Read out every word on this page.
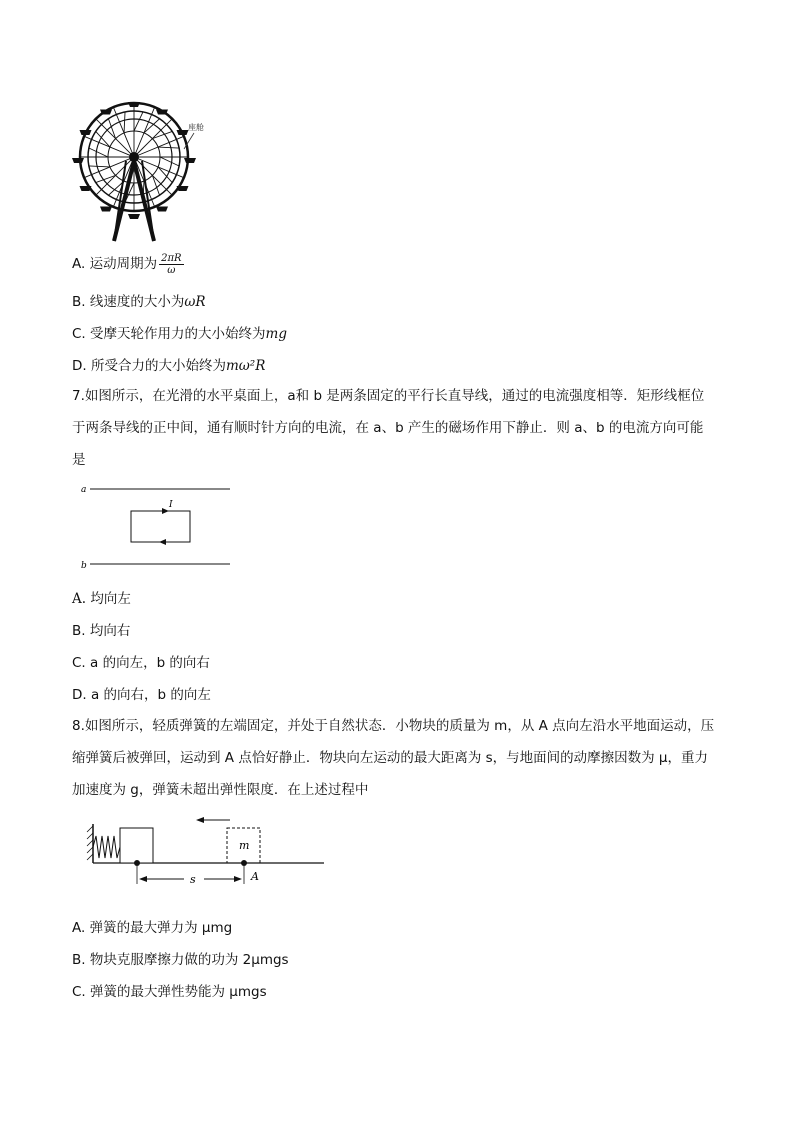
座舱
A. 运动周期为 $\frac{2\pi R}{\omega}$
B. 线速度的大小为ωR
C. 受摩天轮作用力的大小始终为mg
D. 所受合力的大小始终为mω²R
7.如图所示，在光滑的水平桌面上，a和 b 是两条固定的平行长直导线，通过的电流强度相等．矩形线框位
于两条导线的正中间，通有顺时针方向的电流，在 a、b 产生的磁场作用下静止．则 a、b 的电流方向可能
是
a
I
b
A. 均向左
B. 均向右
C. a 的向左，b 的向右
D. a 的向右，b 的向左
8.如图所示，轻质弹簧的左端固定，并处于自然状态．小物块的质量为 m，从 A 点向左沿水平地面运动，压
缩弹簧后被弹回，运动到 A 点恰好静止．物块向左运动的最大距离为 s，与地面间的动摩擦因数为 μ，重力
加速度为 g，弹簧未超出弹性限度．在上述过程中
m
s	A
A. 弹簧的最大弹力为 μmg
B. 物块克服摩擦力做的功为 2μmgs
C. 弹簧的最大弹性势能为 μmgs
